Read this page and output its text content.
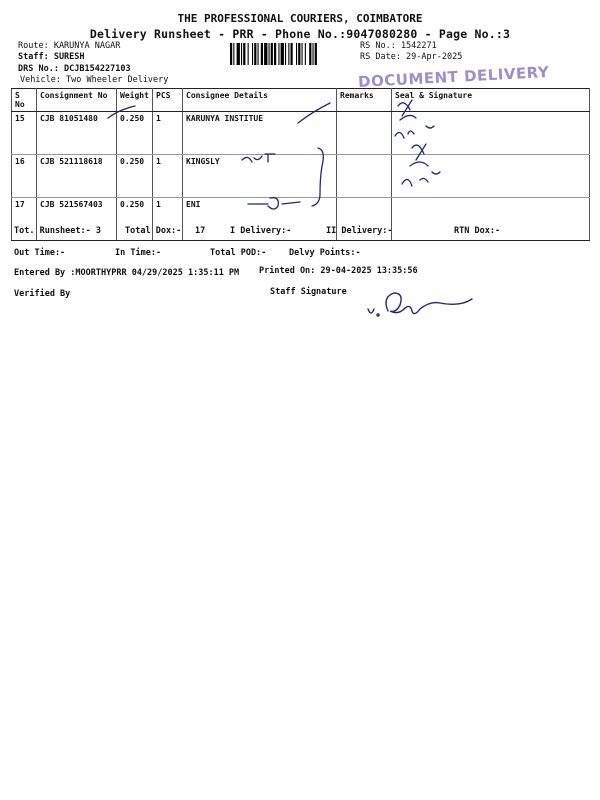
THE PROFESSIONAL COURIERS, COIMBATORE
Delivery Runsheet - PRR - Phone No.:9047080280 - Page No.:3
Route: KARUNYA NAGAR
Staff: SURESH
DRS No.: DCJB154227103
Vehicle: Two Wheeler Delivery
RS No.: 1542271
RS Date: 29-Apr-2025
DOCUMENT DELIVERY
S No	Consignment No	Weight	PCS	Consignee Details	Remarks	Seal & Signature
15	CJB 81051480	0.250	1	KARUNYA INSTITUE		
16	CJB 521118618	0.250	1	KINGSLY		
17	CJB 521567403	0.250	1	ENI		
Tot. Runsheet:- 3	Total Dox:- 17	I Delivery:-	II Delivery:-	RTN Dox:-
Out Time:-	In Time:-	Total POD:-	Delvy Points:-
Entered By :MOORTHYPRR 04/29/2025 1:35:11 PM Printed On: 29-04-2025 13:35:56
Verified By	Staff Signature
